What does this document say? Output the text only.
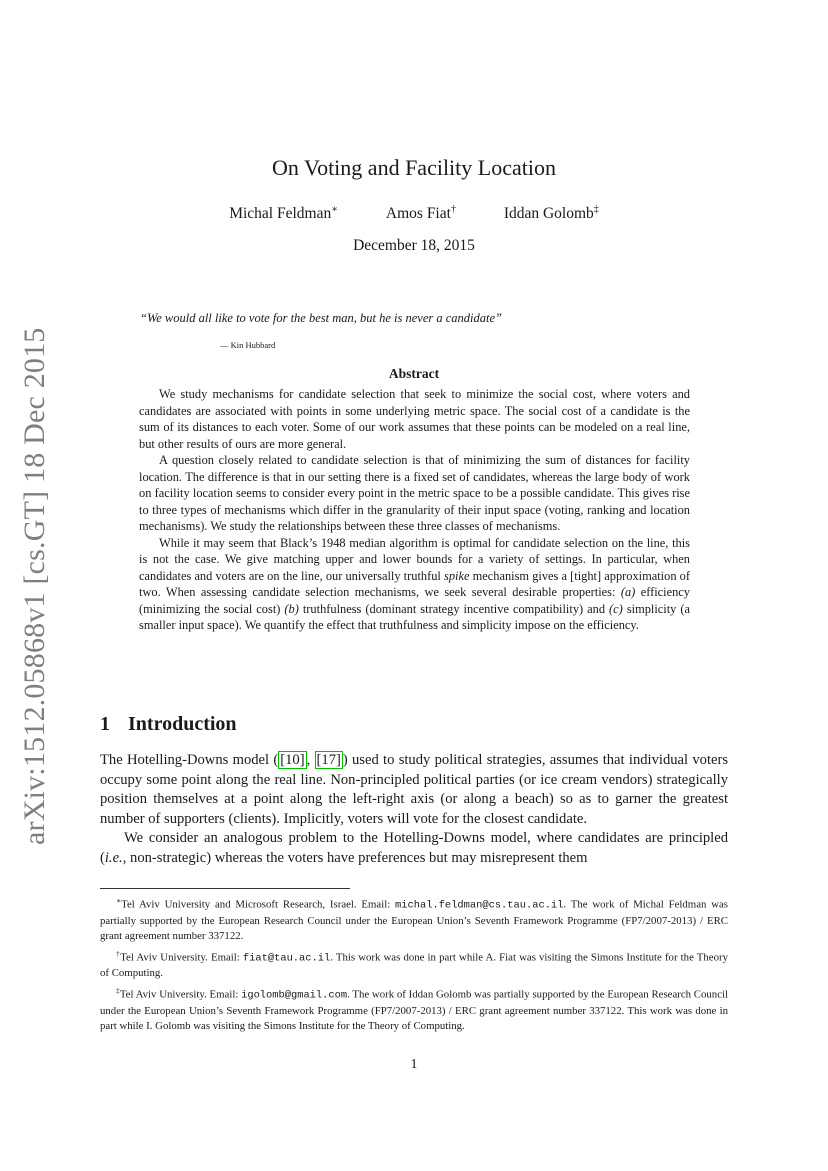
arXiv:1512.05868v1 [cs.GT] 18 Dec 2015
On Voting and Facility Location
Michal Feldman∗	Amos Fiat†	Iddan Golomb‡
December 18, 2015
“We would all like to vote for the best man, but he is never a candidate”
— Kin Hubbard
Abstract

We study mechanisms for candidate selection that seek to minimize the social cost, where voters and candidates are associated with points in some underlying metric space. The social cost of a candidate is the sum of its distances to each voter. Some of our work assumes that these points can be modeled on a real line, but other results of ours are more general.

A question closely related to candidate selection is that of minimizing the sum of distances for facility location. The difference is that in our setting there is a fixed set of candidates, whereas the large body of work on facility location seems to consider every point in the metric space to be a possible candidate. This gives rise to three types of mechanisms which differ in the granularity of their input space (voting, ranking and location mechanisms). We study the relationships between these three classes of mechanisms.

While it may seem that Black’s 1948 median algorithm is optimal for candidate selection on the line, this is not the case. We give matching upper and lower bounds for a variety of settings. In particular, when candidates and voters are on the line, our universally truthful spike mechanism gives a [tight] approximation of two. When assessing candidate selection mechanisms, we seek several desirable properties: (a) efficiency (minimizing the social cost) (b) truthfulness (dominant strategy incentive compatibility) and (c) simplicity (a smaller input space). We quantify the effect that truthfulness and simplicity impose on the efficiency.

1 Introduction

The Hotelling-Downs model ( [10] , [17] ) used to study political strategies, assumes that individual voters occupy some point along the real line. Non-principled political parties (or ice cream vendors) strategically position themselves at a point along the left-right axis (or along a beach) so as to garner the greatest number of supporters (clients). Implicitly, voters will vote for the closest candidate.

We consider an analogous problem to the Hotelling-Downs model, where candidates are principled (i.e., non-strategic) whereas the voters have preferences but may misrepresent them

∗Tel Aviv University and Microsoft Research, Israel. Email: michal.feldman@cs.tau.ac.il. The work of Michal Feldman was partially supported by the European Research Council under the European Union’s Seventh Framework Programme (FP7/2007-2013) / ERC grant agreement number 337122.

†Tel Aviv University. Email: fiat@tau.ac.il. This work was done in part while A. Fiat was visiting the Simons Institute for the Theory of Computing.

‡Tel Aviv University. Email: igolomb@gmail.com. The work of Iddan Golomb was partially supported by the European Research Council under the European Union’s Seventh Framework Programme (FP7/2007-2013) / ERC grant agreement number 337122. This work was done in part while I. Golomb was visiting the Simons Institute for the Theory of Computing.

1
